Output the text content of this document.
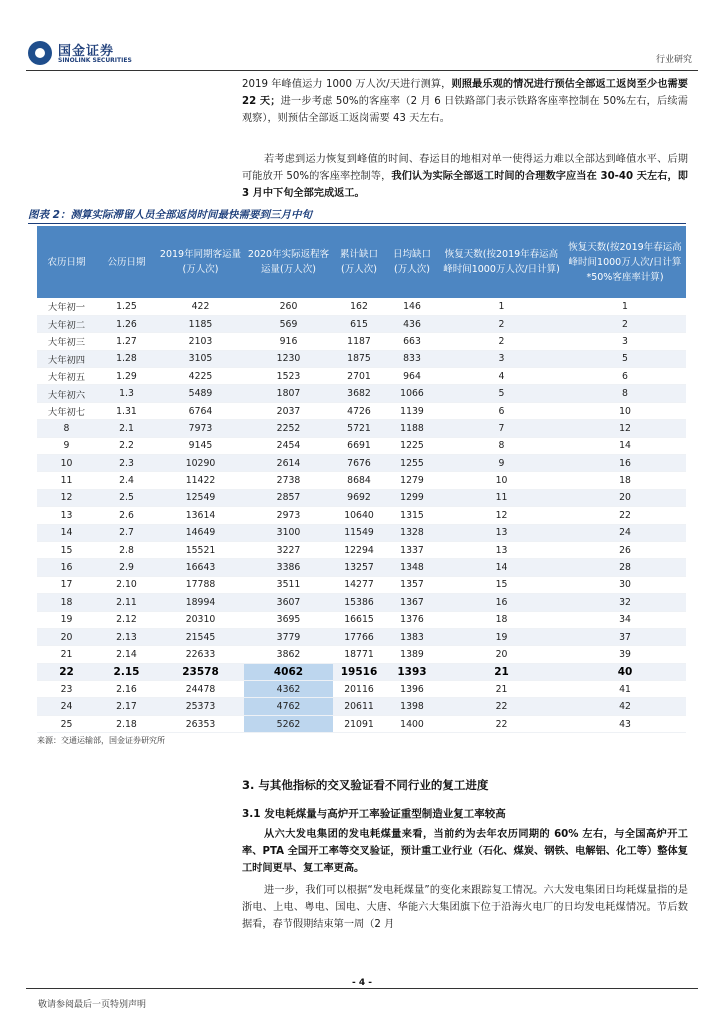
国金证券
SINOLINK SECURITIES	行业研究
2019 年峰值运力 1000 万人次/天进行测算，则照最乐观的情况进行预估全部返工返岗至少也需要 22 天；进一步考虑 50%的客座率（2 月 6 日铁路部门表示铁路客座率控制在 50%左右，后续需观察），则预估全部返工返岗需要 43 天左右。
若考虑到运力恢复到峰值的时间、春运目的地相对单一使得运力难以全部达到峰值水平、后期可能放开 50%的客座率控制等，我们认为实际全部返工时间的合理数字应当在 30-40 天左右，即 3 月中下旬全部完成返工。
图表 2：测算实际滞留人员全部返岗时间最快需要到三月中旬
农历日期	公历日期	2019年同期客运量(万人次)	2020年实际返程客运量(万人次)	累计缺口(万人次)	日均缺口(万人次)	恢复天数(按2019年春运高峰时间1000万人次/日计算)	恢复天数(按2019年春运高峰时间1000万人次/日计算*50%客座率计算)
大年初一	1.25	422	260	162	146	1	1
大年初二	1.26	1185	569	615	436	2	2
大年初三	1.27	2103	916	1187	663	2	3
大年初四	1.28	3105	1230	1875	833	3	5
大年初五	1.29	4225	1523	2701	964	4	6
大年初六	1.3	5489	1807	3682	1066	5	8
大年初七	1.31	6764	2037	4726	1139	6	10
8	2.1	7973	2252	5721	1188	7	12
9	2.2	9145	2454	6691	1225	8	14
10	2.3	10290	2614	7676	1255	9	16
11	2.4	11422	2738	8684	1279	10	18
12	2.5	12549	2857	9692	1299	11	20
13	2.6	13614	2973	10640	1315	12	22
14	2.7	14649	3100	11549	1328	13	24
15	2.8	15521	3227	12294	1337	13	26
16	2.9	16643	3386	13257	1348	14	28
17	2.10	17788	3511	14277	1357	15	30
18	2.11	18994	3607	15386	1367	16	32
19	2.12	20310	3695	16615	1376	18	34
20	2.13	21545	3779	17766	1383	19	37
21	2.14	22633	3862	18771	1389	20	39
22	2.15	23578	4062	19516	1393	21	40
23	2.16	24478	4362	20116	1396	21	41
24	2.17	25373	4762	20611	1398	22	42
25	2.18	26353	5262	21091	1400	22	43
来源：交通运输部，国金证券研究所
3. 与其他指标的交叉验证看不同行业的复工进度
3.1 发电耗煤量与高炉开工率验证重型制造业复工率较高
从六大发电集团的发电耗煤量来看，当前约为去年农历同期的 60% 左右，与全国高炉开工率、PTA 全国开工率等交叉验证，预计重工业行业（石化、煤炭、钢铁、电解铝、化工等）整体复工时间更早、复工率更高。
进一步，我们可以根据“发电耗煤量”的变化来跟踪复工情况。六大发电集团日均耗煤量指的是浙电、上电、粤电、国电、大唐、华能六大集团旗下位于沿海火电厂的日均发电耗煤情况。节后数据看，春节假期结束第一周（2 月
- 4 -
敬请参阅最后一页特别声明
